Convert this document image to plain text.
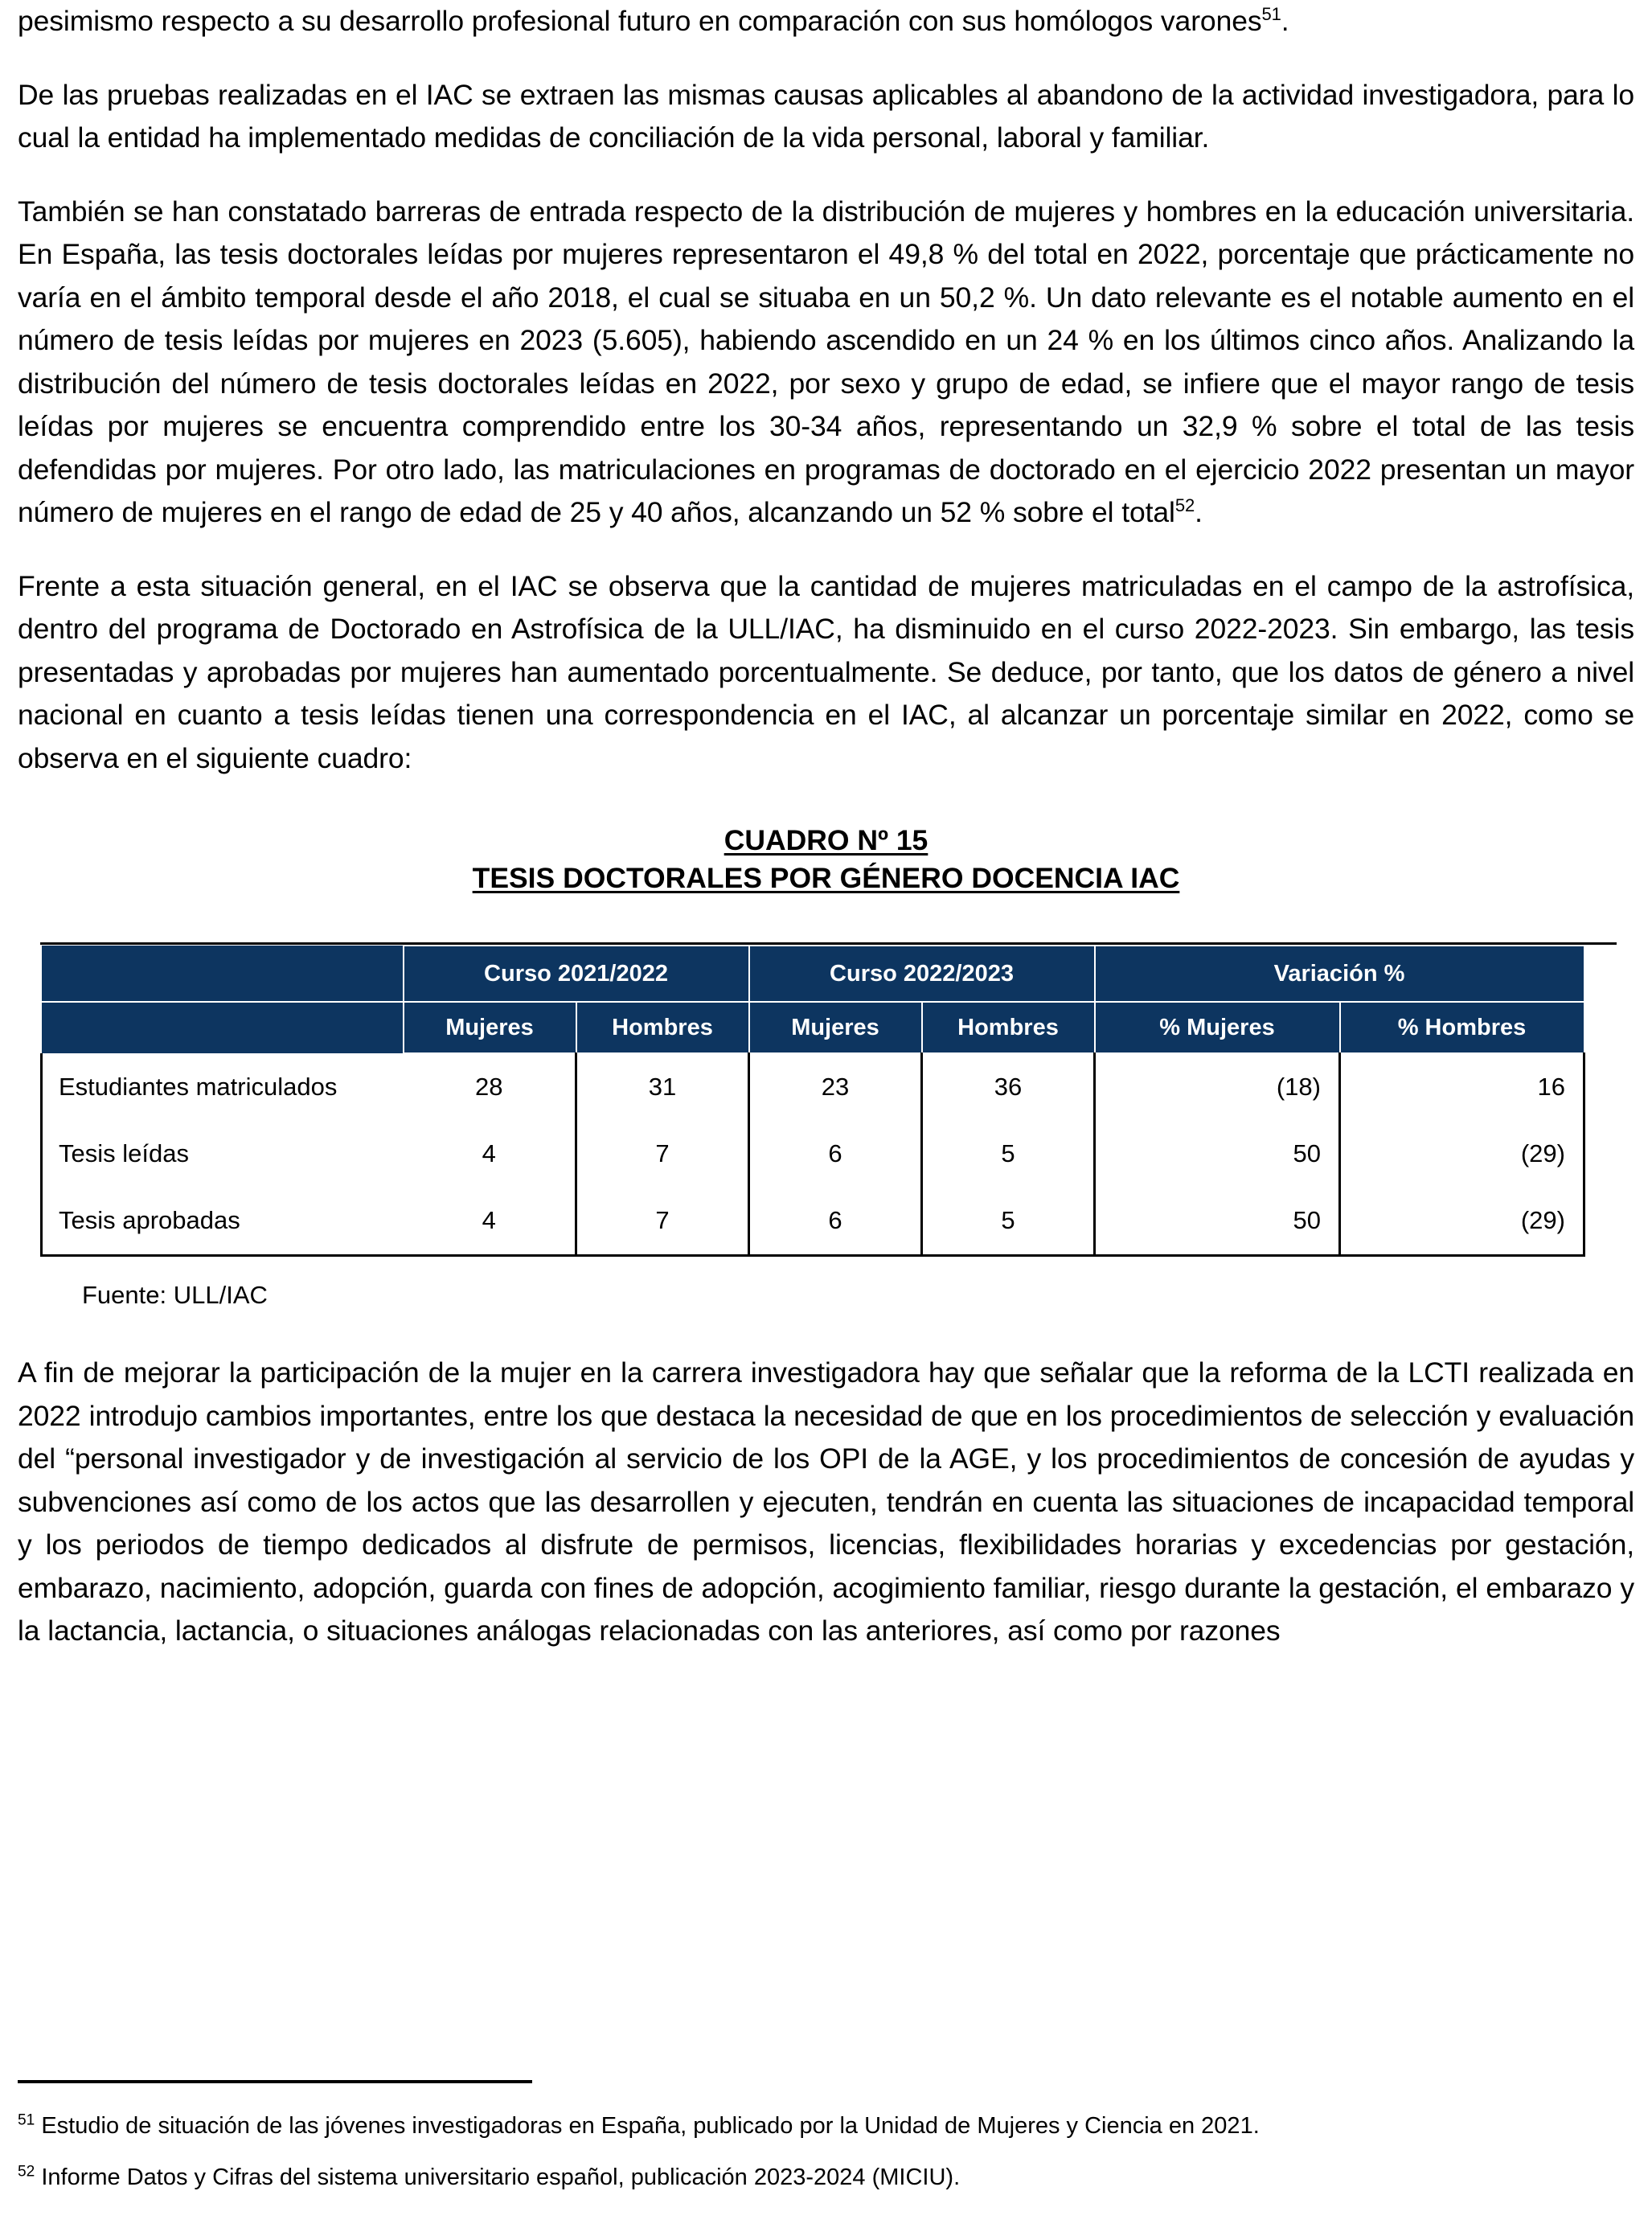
pesimismo respecto a su desarrollo profesional futuro en comparación con sus homólogos varones$^{51}$.

De las pruebas realizadas en el IAC se extraen las mismas causas aplicables al abandono de la actividad investigadora, para lo cual la entidad ha implementado medidas de conciliación de la vida personal, laboral y familiar.

También se han constatado barreras de entrada respecto de la distribución de mujeres y hombres en la educación universitaria. En España, las tesis doctorales leídas por mujeres representaron el 49,8 % del total en 2022, porcentaje que prácticamente no varía en el ámbito temporal desde el año 2018, el cual se situaba en un 50,2 %. Un dato relevante es el notable aumento en el número de tesis leídas por mujeres en 2023 (5.605), habiendo ascendido en un 24 % en los últimos cinco años. Analizando la distribución del número de tesis doctorales leídas en 2022, por sexo y grupo de edad, se infiere que el mayor rango de tesis leídas por mujeres se encuentra comprendido entre los 30-34 años, representando un 32,9 % sobre el total de las tesis defendidas por mujeres. Por otro lado, las matriculaciones en programas de doctorado en el ejercicio 2022 presentan un mayor número de mujeres en el rango de edad de 25 y 40 años, alcanzando un 52 % sobre el total$^{52}$.

Frente a esta situación general, en el IAC se observa que la cantidad de mujeres matriculadas en el campo de la astrofísica, dentro del programa de Doctorado en Astrofísica de la ULL/IAC, ha disminuido en el curso 2022-2023. Sin embargo, las tesis presentadas y aprobadas por mujeres han aumentado porcentualmente. Se deduce, por tanto, que los datos de género a nivel nacional en cuanto a tesis leídas tienen una correspondencia en el IAC, al alcanzar un porcentaje similar en 2022, como se observa en el siguiente cuadro:

CUADRO Nº 15
TESIS DOCTORALES POR GÉNERO DOCENCIA IAC
	Curso 2021/2022		Curso 2022/2023		Variación %	
	Mujeres	Hombres	Mujeres	Hombres	% Mujeres	% Hombres
Estudiantes matriculados	28	31	23	36	(18)	16
Tesis leídas	4	7	6	5	50	(29)
Tesis aprobadas	4	7	6	5	50	(29)
Fuente: ULL/IAC

A fin de mejorar la participación de la mujer en la carrera investigadora hay que señalar que la reforma de la LCTI realizada en 2022 introdujo cambios importantes, entre los que destaca la necesidad de que en los procedimientos de selección y evaluación del “personal investigador y de investigación al servicio de los OPI de la AGE, y los procedimientos de concesión de ayudas y subvenciones así como de los actos que las desarrollen y ejecuten, tendrán en cuenta las situaciones de incapacidad temporal y los periodos de tiempo dedicados al disfrute de permisos, licencias, flexibilidades horarias y excedencias por gestación, embarazo, nacimiento, adopción, guarda con fines de adopción, acogimiento familiar, riesgo durante la gestación, el embarazo y la lactancia, lactancia, o situaciones análogas relacionadas con las anteriores, así como por razones

$^{51}$ Estudio de situación de las jóvenes investigadoras en España, publicado por la Unidad de Mujeres y Ciencia en 2021.

$^{52}$ Informe Datos y Cifras del sistema universitario español, publicación 2023-2024 (MICIU).
